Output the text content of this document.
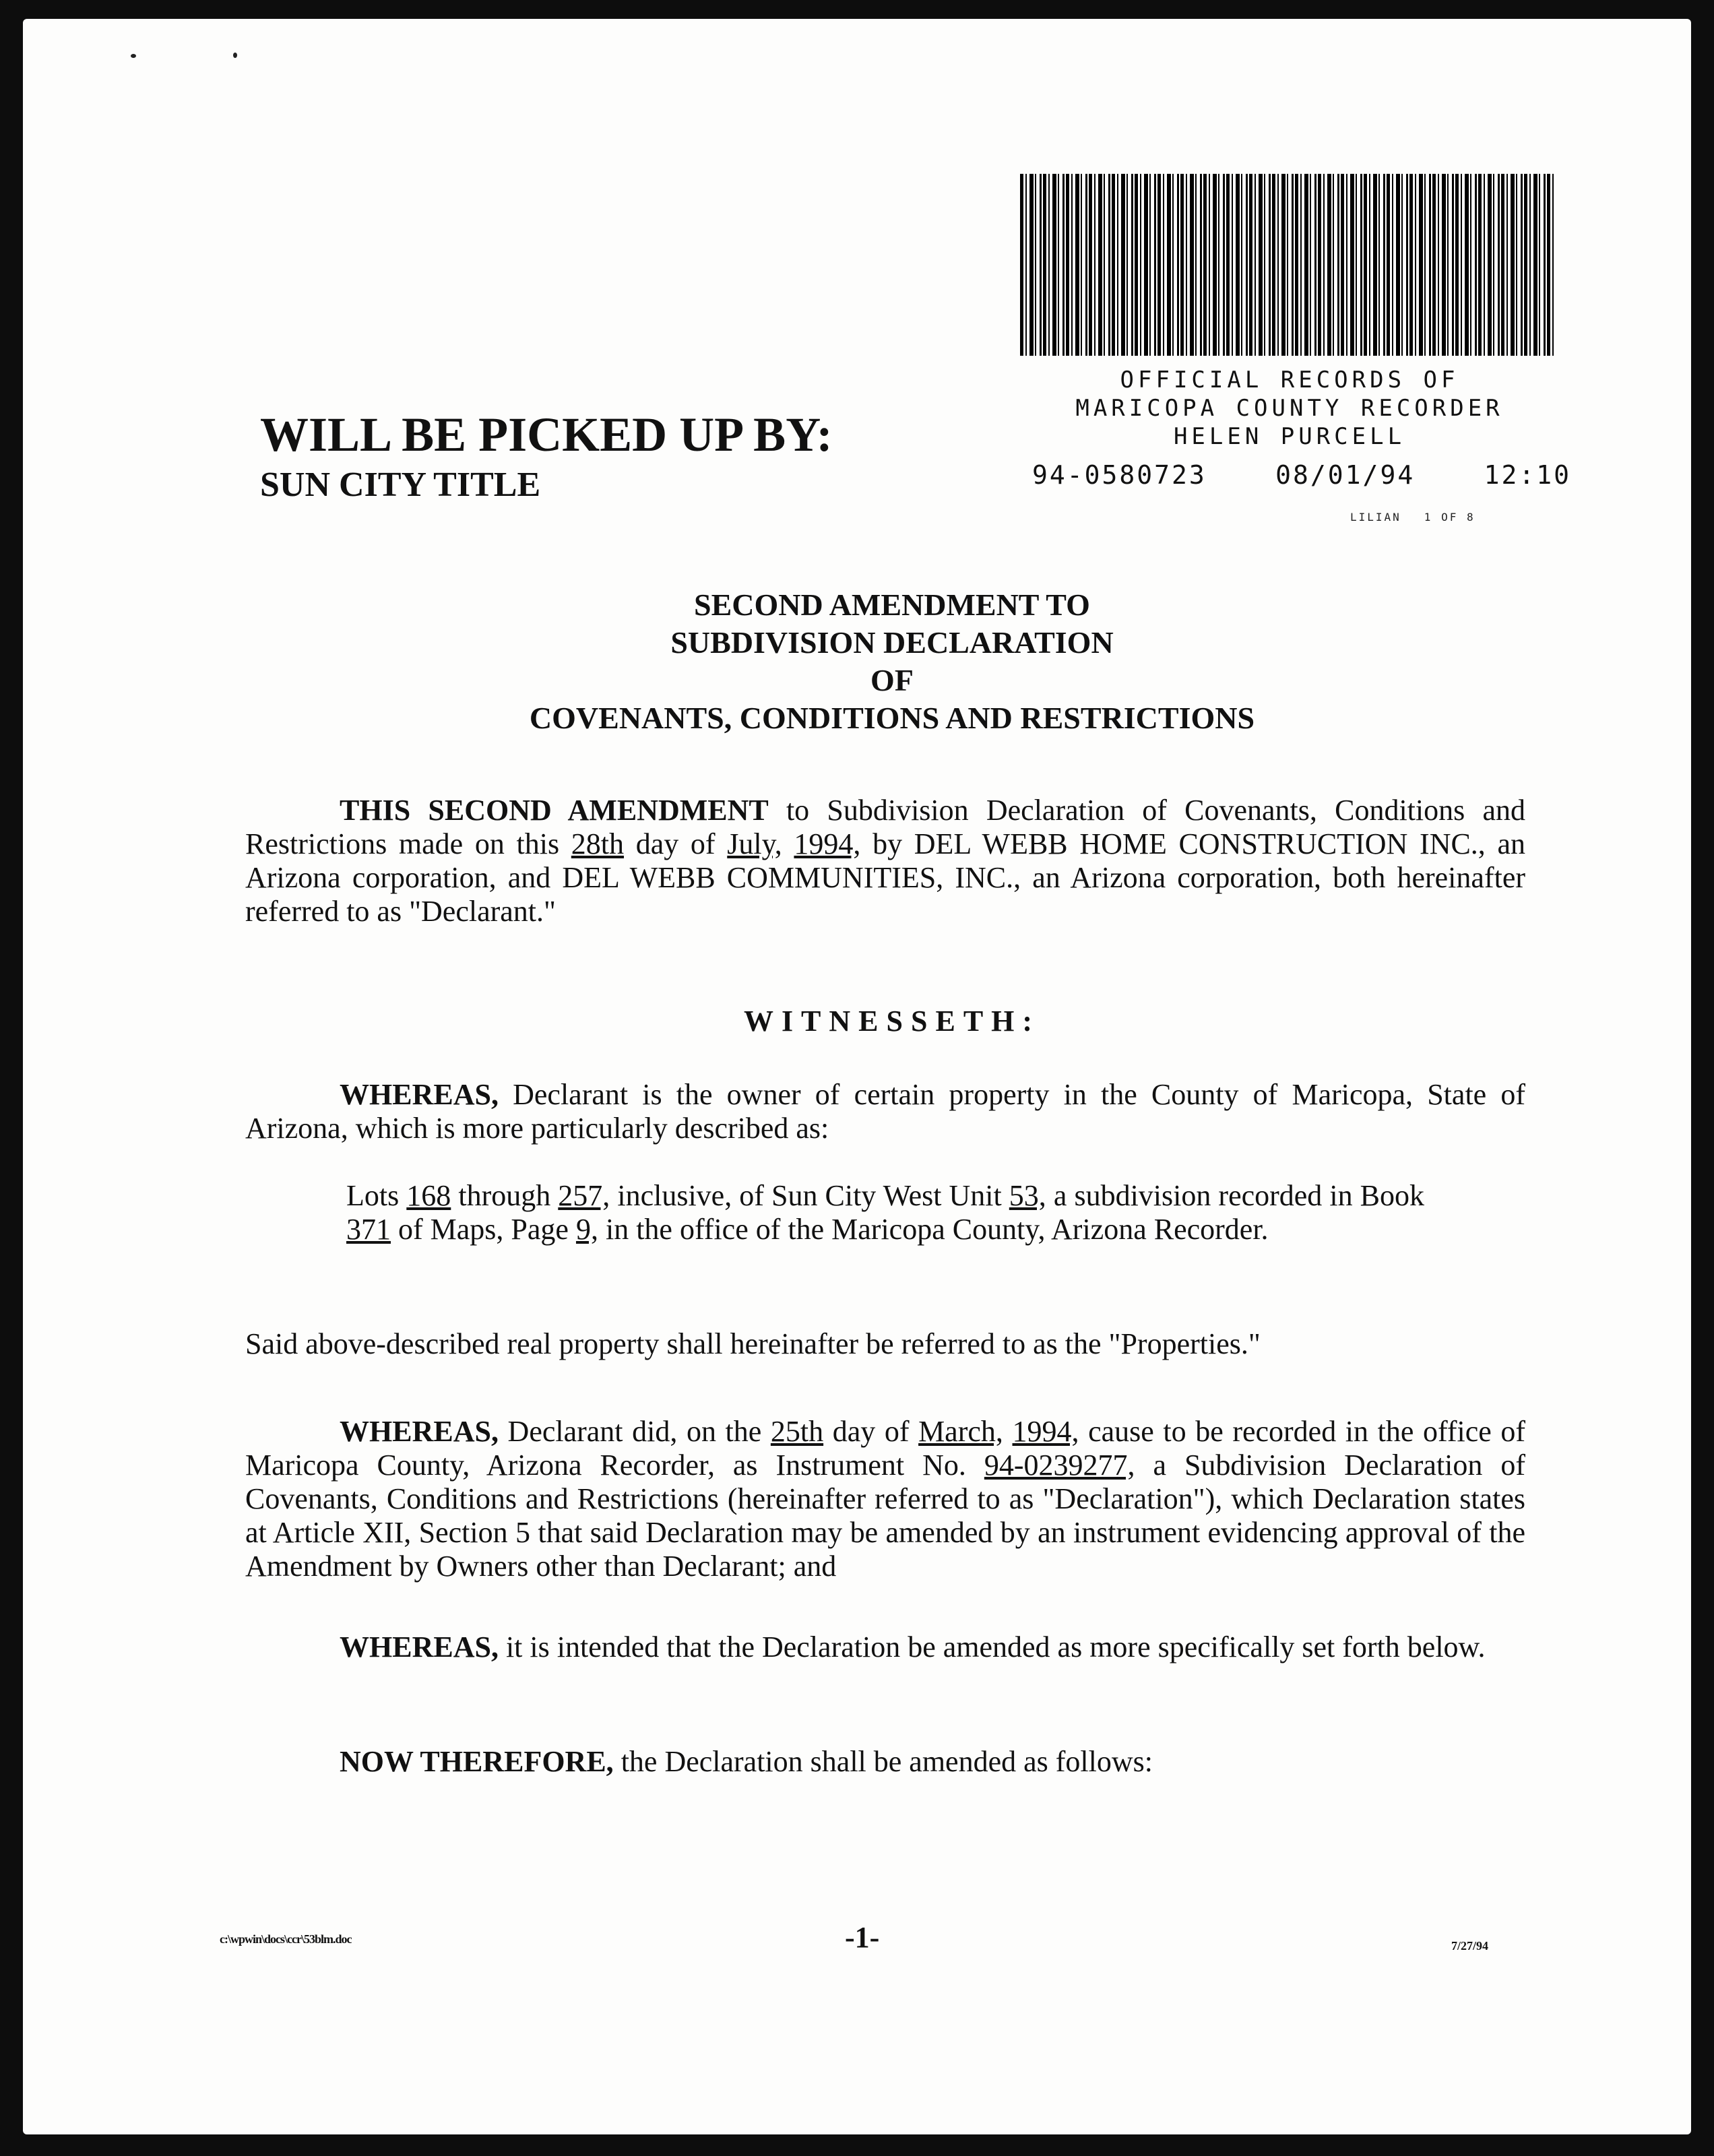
OFFICIAL RECORDS OF
MARICOPA COUNTY RECORDER
HELEN PURCELL
94-0580723	08/01/94	12:10
LILIAN 1 OF 8
WILL BE PICKED UP BY:
SUN CITY TITLE
SECOND AMENDMENT TO
SUBDIVISION DECLARATION
OF
COVENANTS, CONDITIONS AND RESTRICTIONS

THIS SECOND AMENDMENT to Subdivision Declaration of Covenants, Conditions and Restrictions made on this 28th day of July, 1994, by DEL WEBB HOME CONSTRUCTION INC., an Arizona corporation, and DEL WEBB COMMUNITIES, INC., an Arizona corporation, both hereinafter referred to as "Declarant."

WITNESSETH:

WHEREAS, Declarant is the owner of certain property in the County of Maricopa, State of Arizona, which is more particularly described as:

Lots 168 through 257, inclusive, of Sun City West Unit 53, a subdivision recorded in Book 371 of Maps, Page 9, in the office of the Maricopa County, Arizona Recorder.

Said above-described real property shall hereinafter be referred to as the "Properties."

WHEREAS, Declarant did, on the 25th day of March, 1994, cause to be recorded in the office of Maricopa County, Arizona Recorder, as Instrument No. 94-0239277, a Subdivision Declaration of Covenants, Conditions and Restrictions (hereinafter referred to as "Declaration"), which Declaration states at Article XII, Section 5 that said Declaration may be amended by an instrument evidencing approval of the Amendment by Owners other than Declarant; and

WHEREAS, it is intended that the Declaration be amended as more specifically set forth below.

NOW THEREFORE, the Declaration shall be amended as follows:

c:\wpwin\docs\ccr\53blm.doc	-1-	7/27/94
